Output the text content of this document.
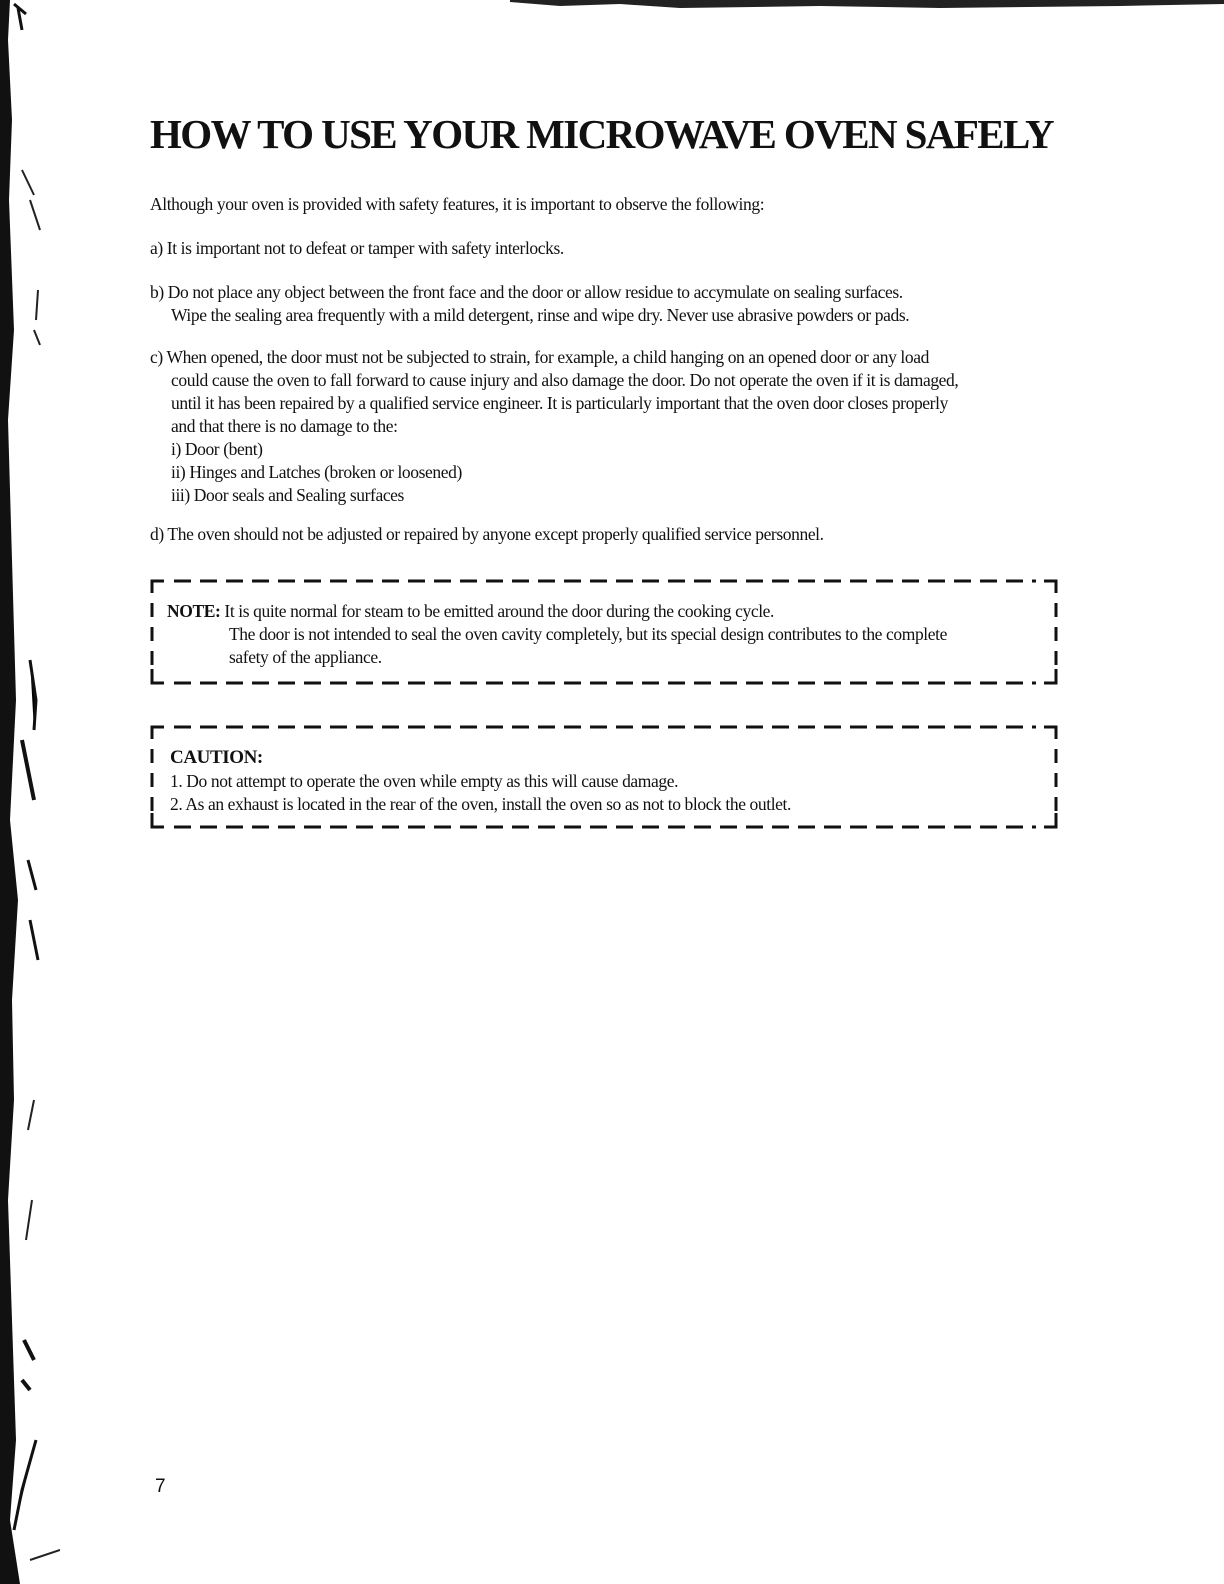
HOW TO USE YOUR MICROWAVE OVEN SAFELY
Although your oven is provided with safety features, it is important to observe the following:
a) It is important not to defeat or tamper with safety interlocks.
b) Do not place any object between the front face and the door or allow residue to accymulate on sealing surfaces.
Wipe the sealing area frequently with a mild detergent, rinse and wipe dry. Never use abrasive powders or pads.
c) When opened, the door must not be subjected to strain, for example, a child hanging on an opened door or any load
could cause the oven to fall forward to cause injury and also damage the door. Do not operate the oven if it is damaged,
until it has been repaired by a qualified service engineer. It is particularly important that the oven door closes properly
and that there is no damage to the:
i) Door (bent)
ii) Hinges and Latches (broken or loosened)
iii) Door seals and Sealing surfaces
d) The oven should not be adjusted or repaired by anyone except properly qualified service personnel.
NOTE: It is quite normal for steam to be emitted around the door during the cooking cycle.
The door is not intended to seal the oven cavity completely, but its special design contributes to the complete
safety of the appliance.
CAUTION:
1. Do not attempt to operate the oven while empty as this will cause damage.
2. As an exhaust is located in the rear of the oven, install the oven so as not to block the outlet.
7
